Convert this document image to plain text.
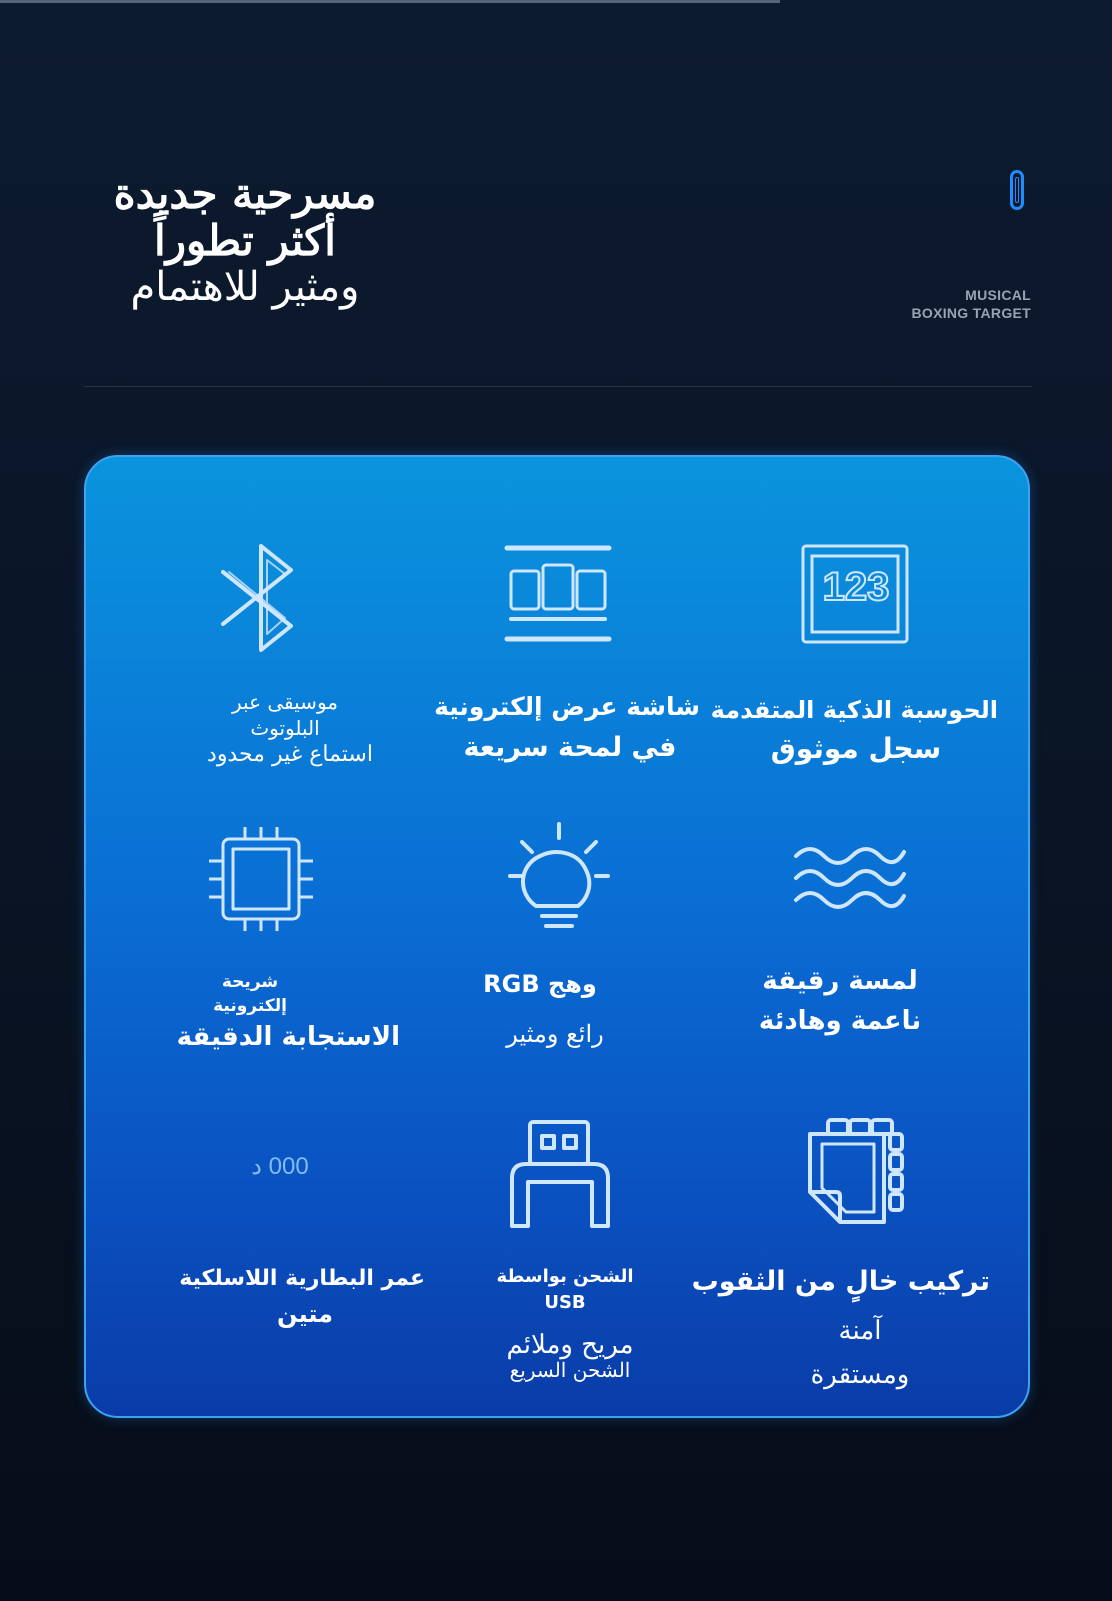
مسرحية جديدة
أكثر تطوراً
ومثير للاهتمام	MUSICAL
BOXING TARGET
موسيقى عبر
البلوتوث
استماع غير محدود
شاشة عرض إلكترونية
في لمحة سريعة
123
الحوسبة الذكية المتقدمة
سجل موثوق
شريحة
إلكترونية
الاستجابة الدقيقة
وهج RGB
رائع ومثير
لمسة رقيقة
ناعمة وهادئة
000 د
عمر البطارية اللاسلكية
متين
الشحن بواسطة
USB
مريح وملائم
الشحن السريع
تركيب خالٍ من الثقوب
آمنة
ومستقرة
